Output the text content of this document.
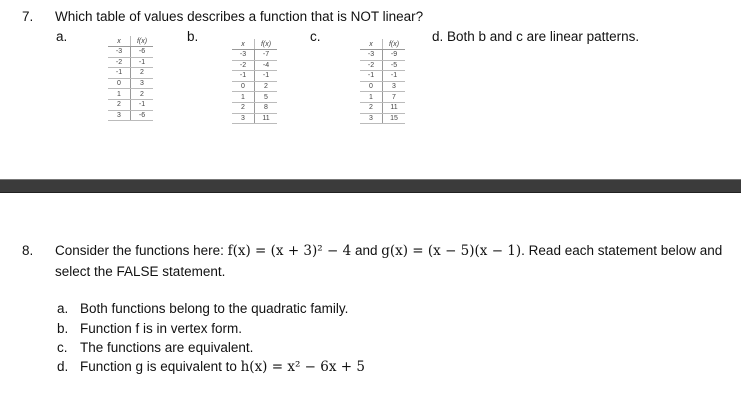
7. Which table of values describes a function that is NOT linear?
a.	x	f(x)
-3	-6
-2	-1
-1	2
0	3
1	2
2	-1
3	-6
b.	x	f(x)
-3	-7
-2	-4
-1	-1
0	2
1	5
2	8
3	11
c.	x	f(x)
-3	-9
-2	-5
-1	-1
0	3
1	7
2	11
3	15
d. Both b and c are linear patterns.
8. Consider the functions here: f(x) = (x + 3)² − 4 and g(x) = (x − 5)(x − 1). Read each statement below and
select the FALSE statement.
a. Both functions belong to the quadratic family.
b. Function f is in vertex form.
c. The functions are equivalent.
d. Function g is equivalent to h(x) = x² − 6x + 5
